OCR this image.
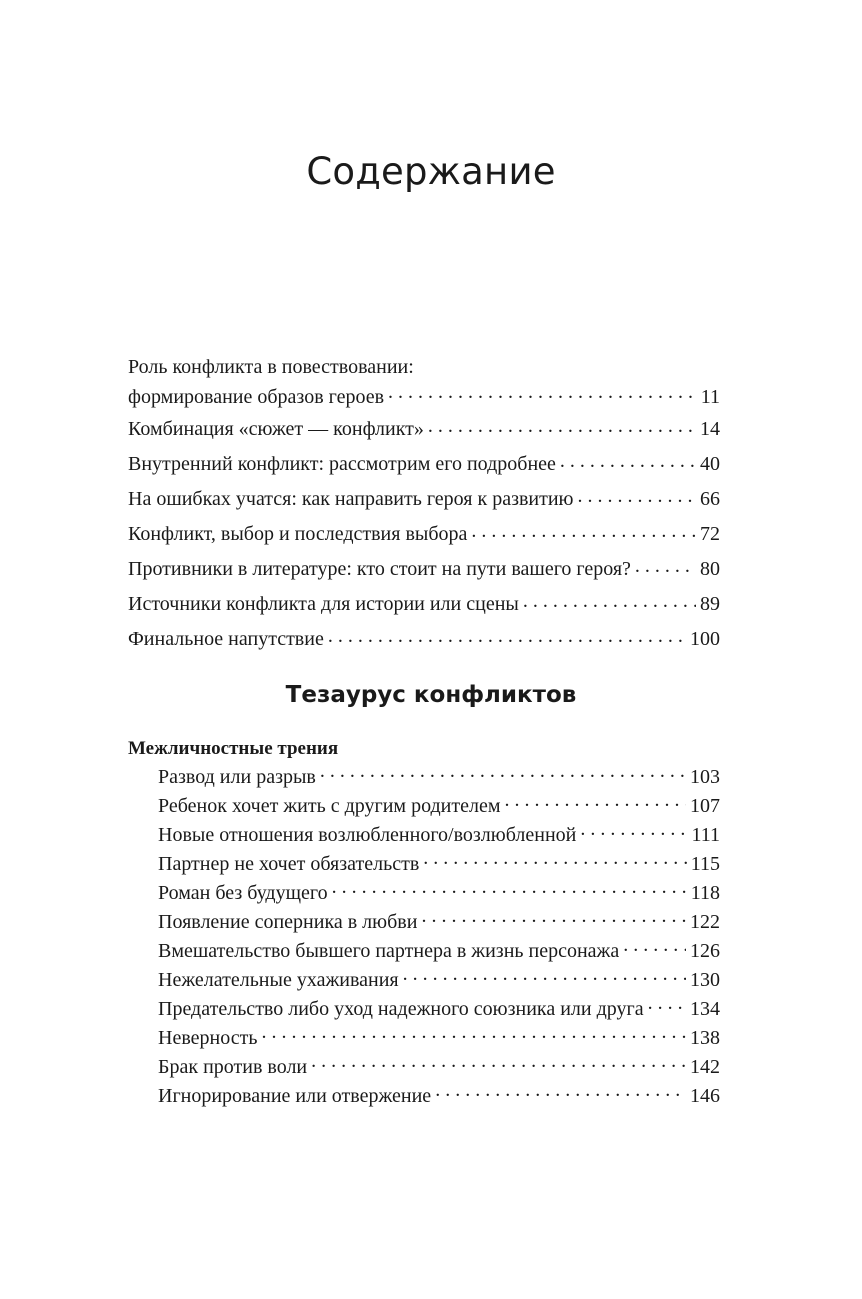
Содержание
Роль конфликта в повествовании:
формирование образов героев . . .	11
Комбинация «сюжет — конфликт» . . .	14
Внутренний конфликт: рассмотрим его подробнее . . .	40
На ошибках учатся: как направить героя к развитию . . .	66
Конфликт, выбор и последствия выбора . . .	72
Противники в литературе: кто стоит на пути вашего героя? . . .	80
Источники конфликта для истории или сцены . . .	89
Финальное напутствие . . .	100
Тезаурус конфликтов
Межличностные трения
Развод или разрыв . . .	103
Ребенок хочет жить с другим родителем . . .	107
Новые отношения возлюбленного/возлюбленной . . .	111
Партнер не хочет обязательств . . .	115
Роман без будущего . . .	118
Появление соперника в любви . . .	122
Вмешательство бывшего партнера в жизнь персонажа . . .	126
Нежелательные ухаживания . . .	130
Предательство либо уход надежного союзника или друга . . . 134
Неверность . . .	138
Брак против воли . . .	142
Игнорирование или отвержение . . .	146
